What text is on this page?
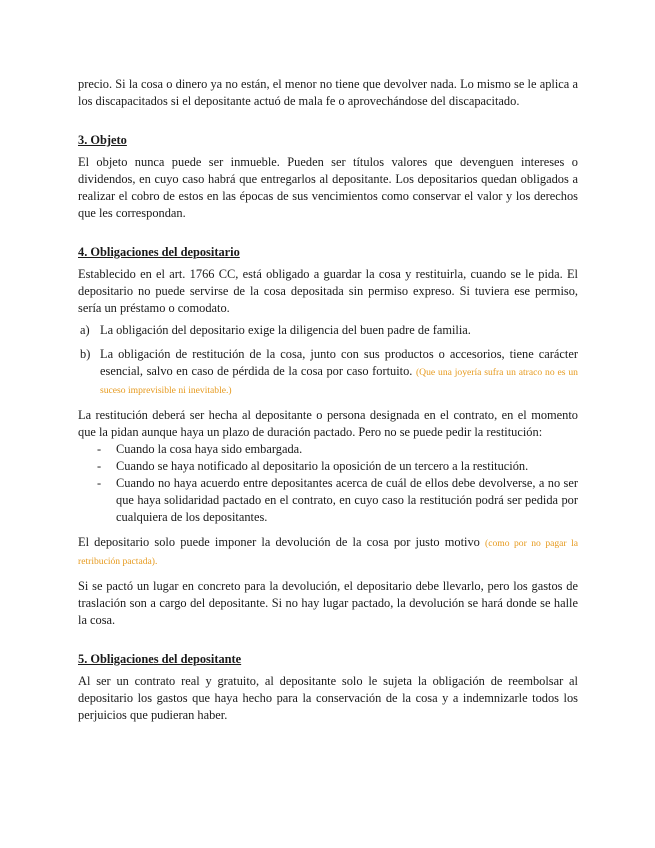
precio. Si la cosa o dinero ya no están, el menor no tiene que devolver nada. Lo mismo se le aplica a los discapacitados si el depositante actuó de mala fe o aprovechándose del discapacitado.

3. Objeto

El objeto nunca puede ser inmueble. Pueden ser títulos valores que devenguen intereses o dividendos, en cuyo caso habrá que entregarlos al depositante. Los depositarios quedan obligados a realizar el cobro de estos en las épocas de sus vencimientos como conservar el valor y los derechos que les correspondan.

4. Obligaciones del depositario

Establecido en el art. 1766 CC, está obligado a guardar la cosa y restituirla, cuando se le pida. El depositario no puede servirse de la cosa depositada sin permiso expreso. Si tuviera ese permiso, sería un préstamo o comodato.

a) La obligación del depositario exige la diligencia del buen padre de familia.
b) La obligación de restitución de la cosa, junto con sus productos o accesorios, tiene carácter esencial, salvo en caso de pérdida de la cosa por caso fortuito. (Que una joyería sufra un atraco no es un suceso imprevisible ni inevitable.)

La restitución deberá ser hecha al depositante o persona designada en el contrato, en el momento que la pidan aunque haya un plazo de duración pactado. Pero no se puede pedir la restitución:

- Cuando la cosa haya sido embargada.
- Cuando se haya notificado al depositario la oposición de un tercero a la restitución.
- Cuando no haya acuerdo entre depositantes acerca de cuál de ellos debe devolverse, a no ser que haya solidaridad pactado en el contrato, en cuyo caso la restitución podrá ser pedida por cualquiera de los depositantes.

El depositario solo puede imponer la devolución de la cosa por justo motivo (como por no pagar la retribución pactada).

Si se pactó un lugar en concreto para la devolución, el depositario debe llevarlo, pero los gastos de traslación son a cargo del depositante. Si no hay lugar pactado, la devolución se hará donde se halle la cosa.

5. Obligaciones del depositante

Al ser un contrato real y gratuito, al depositante solo le sujeta la obligación de reembolsar al depositario los gastos que haya hecho para la conservación de la cosa y a indemnizarle todos los perjuicios que pudieran haber.
